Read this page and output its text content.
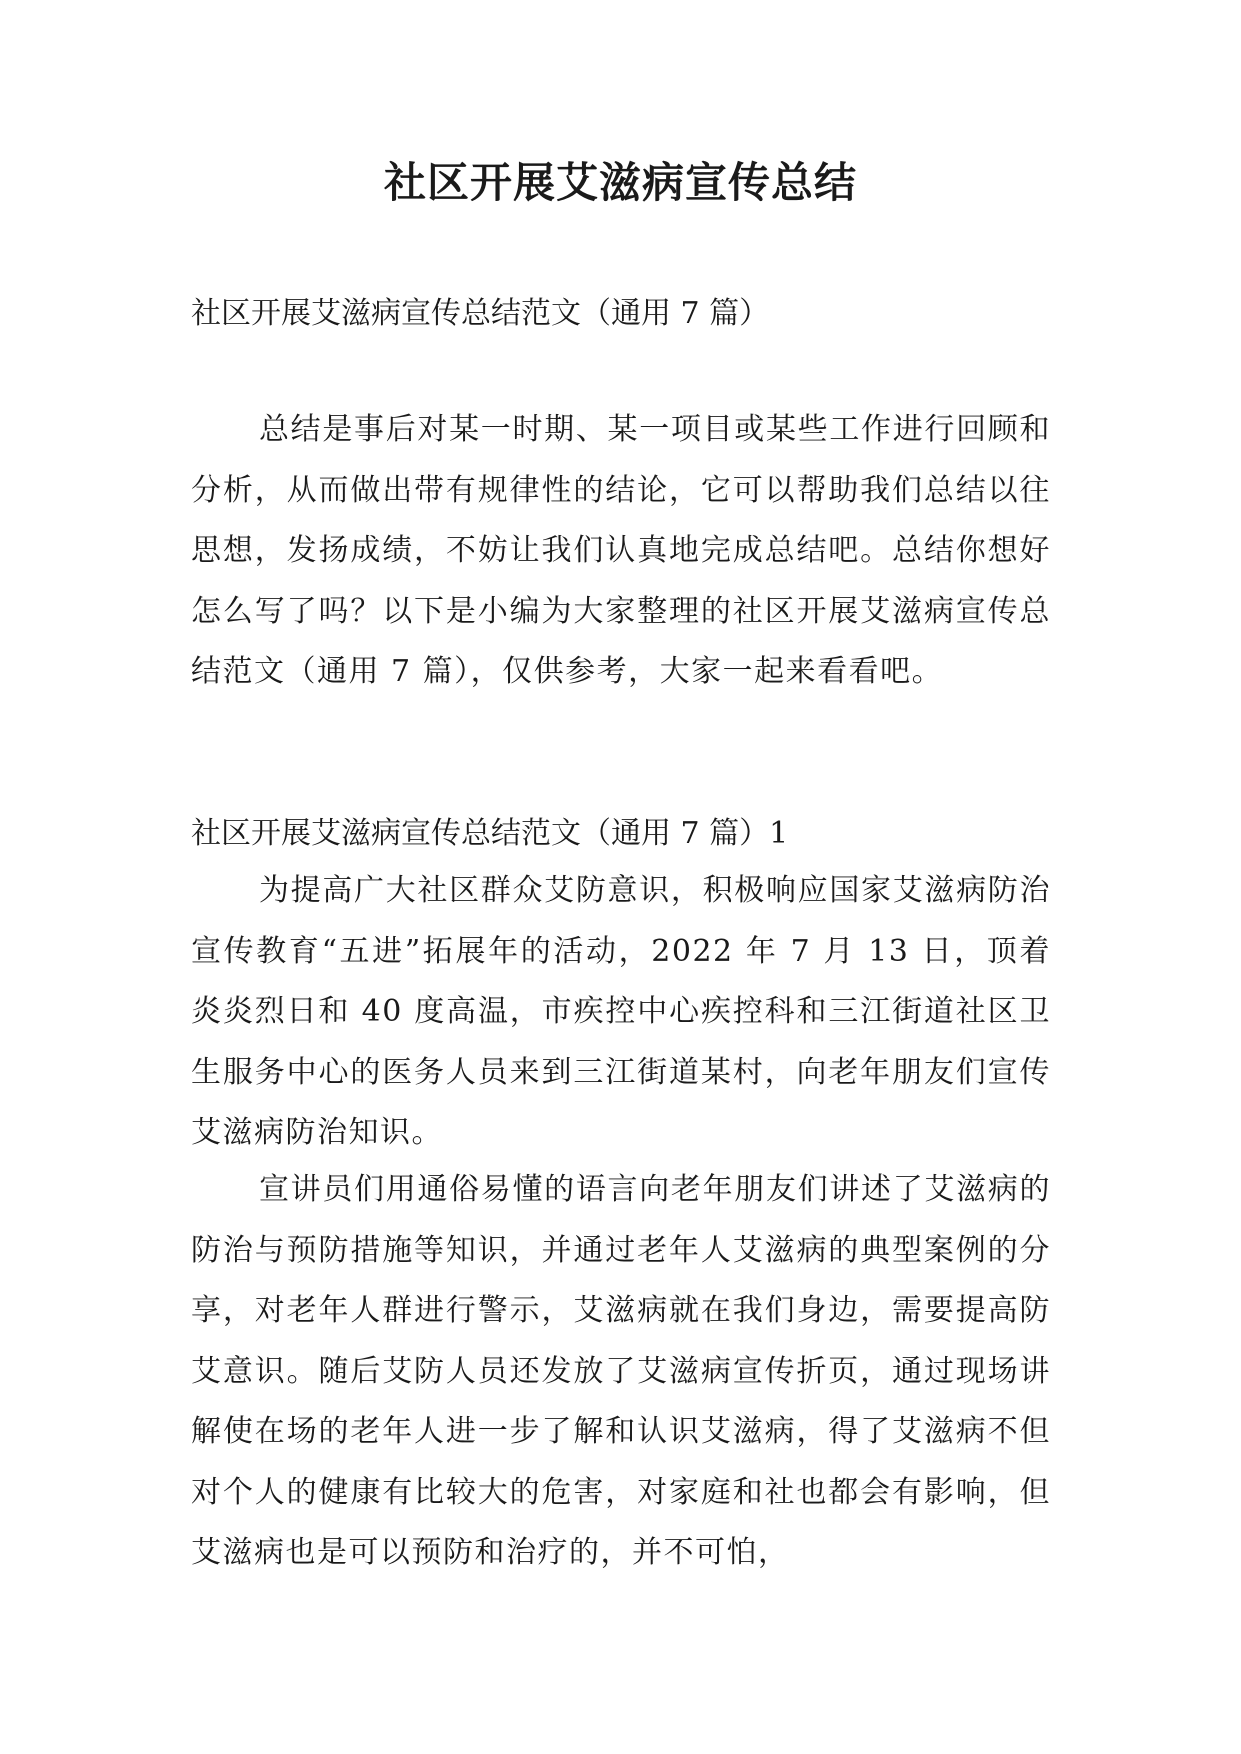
社区开展艾滋病宣传总结

社区开展艾滋病宣传总结范文（通用 7 篇）

总结是事后对某一时期、某一项目或某些工作进行回顾和分析，从而做出带有规律性的结论，它可以帮助我们总结以往思想，发扬成绩，不妨让我们认真地完成总结吧。总结你想好怎么写了吗？以下是小编为大家整理的社区开展艾滋病宣传总结范文（通用 7 篇），仅供参考，大家一起来看看吧。

社区开展艾滋病宣传总结范文（通用 7 篇）1

为提高广大社区群众艾防意识，积极响应国家艾滋病防治宣传教育“五进”拓展年的活动，2022 年 7 月 13 日，顶着炎炎烈日和 40 度高温，市疾控中心疾控科和三江街道社区卫生服务中心的医务人员来到三江街道某村，向老年朋友们宣传艾滋病防治知识。

宣讲员们用通俗易懂的语言向老年朋友们讲述了艾滋病的防治与预防措施等知识，并通过老年人艾滋病的典型案例的分享，对老年人群进行警示，艾滋病就在我们身边，需要提高防艾意识。随后艾防人员还发放了艾滋病宣传折页，通过现场讲解使在场的老年人进一步了解和认识艾滋病，得了艾滋病不但对个人的健康有比较大的危害，对家庭和社也都会有影响，但艾滋病也是可以预防和治疗的，并不可怕，
